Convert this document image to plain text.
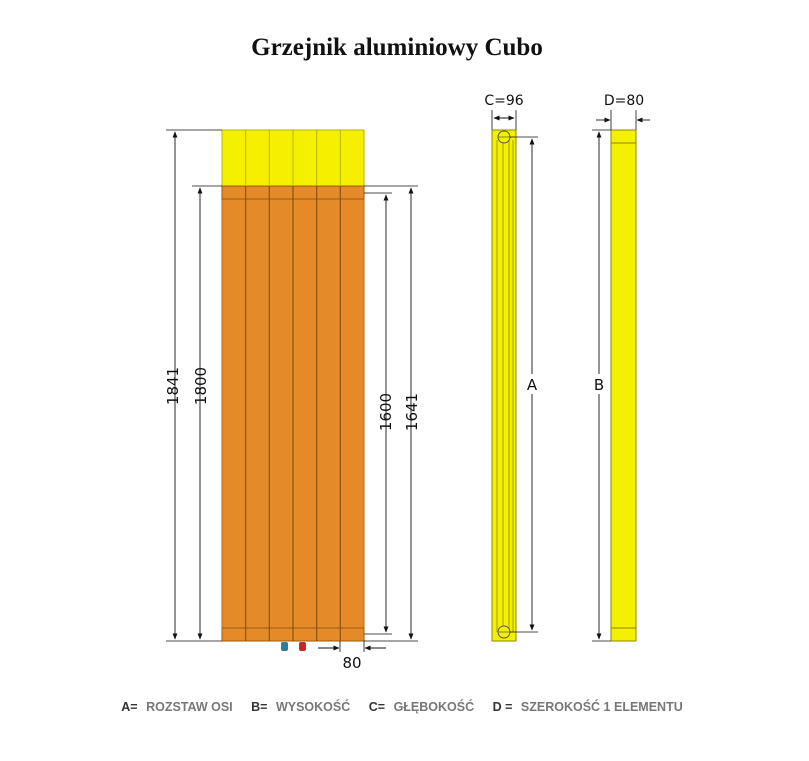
Grzejnik aluminiowy Cubo
1841 1800
1600 1641
80
C=96
A
D=80
B
A= ROZSTAW OSI B= WYSOKOŚĆ C= GŁĘBOKOŚĆ D = SZEROKOŚĆ 1 ELEMENTU
